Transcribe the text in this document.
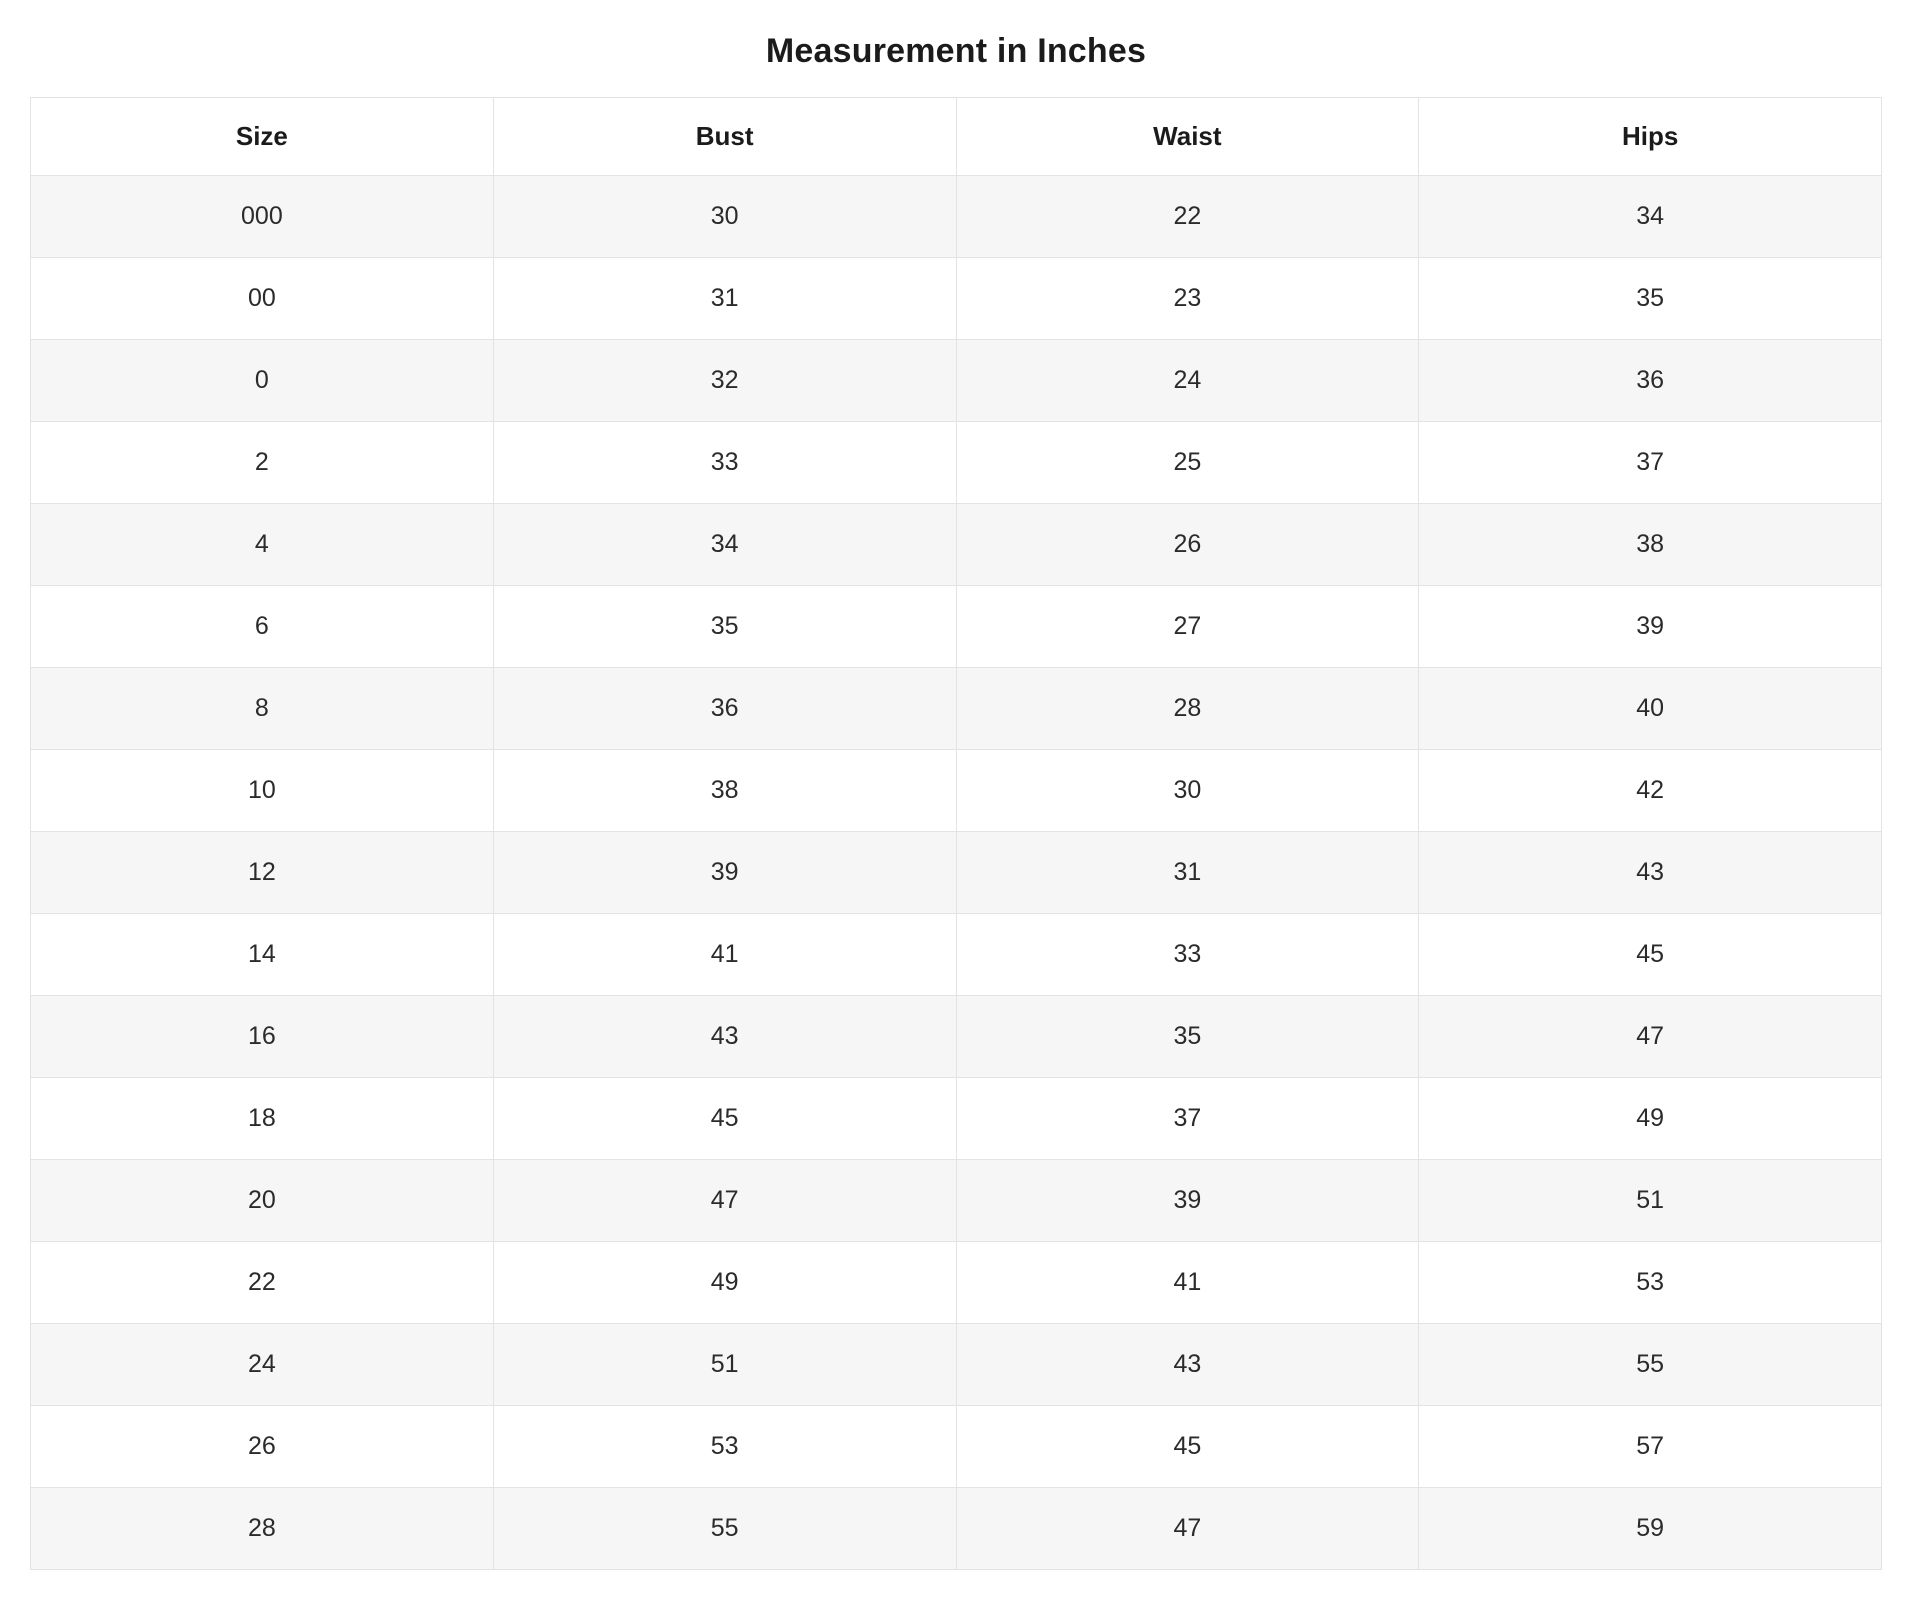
Measurement in Inches
Size	Bust	Waist	Hips
000	30	22	34
00	31	23	35
0	32	24	36
2	33	25	37
4	34	26	38
6	35	27	39
8	36	28	40
10	38	30	42
12	39	31	43
14	41	33	45
16	43	35	47
18	45	37	49
20	47	39	51
22	49	41	53
24	51	43	55
26	53	45	57
28	55	47	59
